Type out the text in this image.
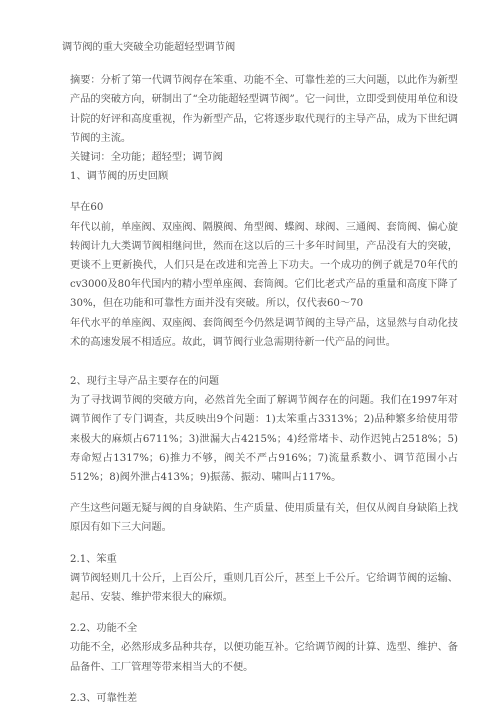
调节阀的重大突破全功能超轻型调节阀

摘要：分析了第一代调节阀存在笨重、功能不全、可靠性差的三大问题，以此作为新型产品的突破方向，研制出了“全功能超轻型调节阀”。它一问世，立即受到使用单位和设计院的好评和高度重视，作为新型产品，它将逐步取代现行的主导产品，成为下世纪调节阀的主流。

关键词：全功能；超轻型；调节阀

1、调节阀的历史回顾

早在60

年代以前，单座阀、双座阀、隔膜阀、角型阀、蝶阀、球阀、三通阀、套筒阀、偏心旋转阀计九大类调节阀相继问世，然而在这以后的三十多年时间里，产品没有大的突破，更谈不上更新换代，人们只是在改进和完善上下功夫。一个成功的例子就是70年代的cv3000及80年代国内的精小型单座阀、套筒阀。它们比老式产品的重量和高度下降了30%，但在功能和可靠性方面并没有突破。所以，仅代表60～70

年代水平的单座阀、双座阀、套筒阀至今仍然是调节阀的主导产品，这显然与自动化技术的高速发展不相适应。故此，调节阀行业急需期待新一代产品的问世。

2、现行主导产品主要存在的问题

为了寻找调节阀的突破方向，必然首先全面了解调节阀存在的问题。我们在1997年对调节阀作了专门调查，共反映出9个问题：1)太笨重占3313%；2)品种繁多给使用带来极大的麻烦占6711%；3)泄漏大占4215%；4)经常堵卡、动作迟钝占2518%；5)寿命短占1317%；6)推力不够，阀关不严占916%；7)流量系数小、调节范围小占512%；8)阀外泄占413%；9)振荡、振动、啸叫占117%。

产生这些问题无疑与阀的自身缺陷、生产质量、使用质量有关，但仅从阀自身缺陷上找原因有如下三大问题。

2.1、笨重

调节阀轻则几十公斤，上百公斤，重则几百公斤，甚至上千公斤。它给调节阀的运输、起吊、安装、维护带来很大的麻烦。

2.2、功能不全

功能不全，必然形成多品种共存，以便功能互补。它给调节阀的计算、选型、维护、备品备件、工厂管理等带来相当大的不便。

2.3、可靠性差
